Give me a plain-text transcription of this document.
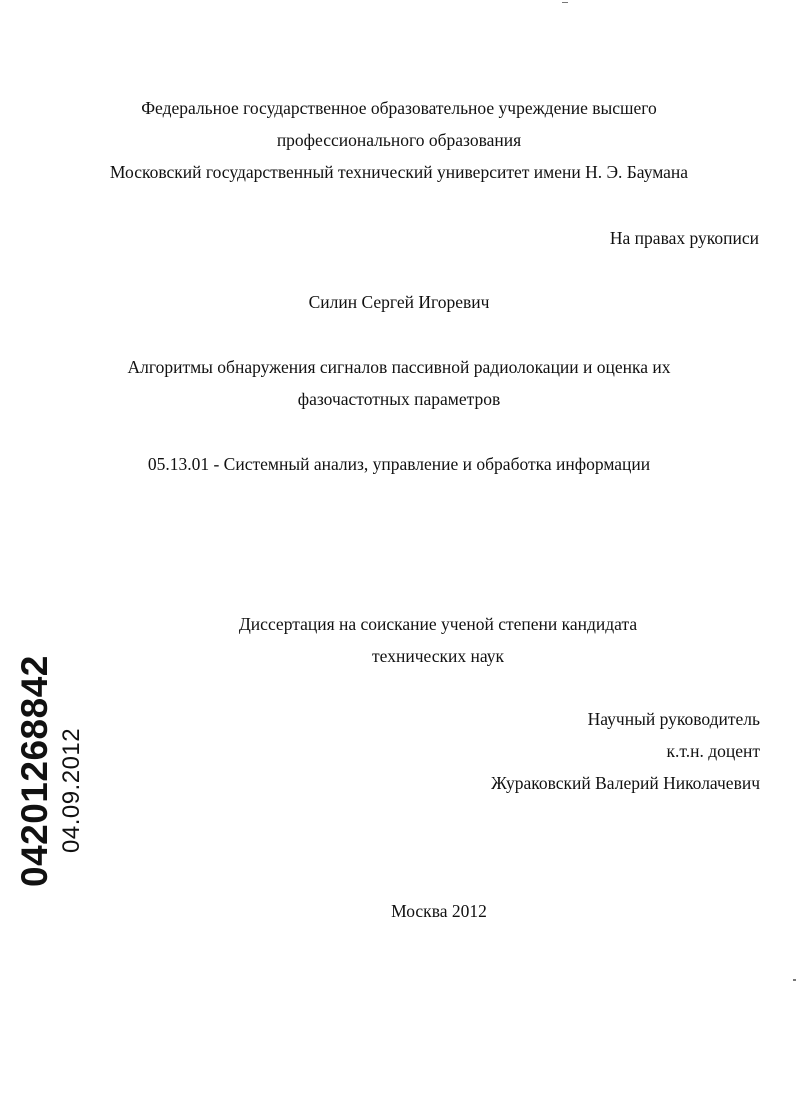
Федеральное государственное образовательное учреждение высшего
профессионального образования
Московский государственный технический университет имени Н. Э. Баумана
На правах рукописи
Силин Сергей Игоревич
Алгоритмы обнаружения сигналов пассивной радиолокации и оценка их
фазочастотных параметров
05.13.01 - Системный анализ, управление и обработка информации
Диссертация на соискание ученой степени кандидата
технических наук
Научный руководитель
к.т.н. доцент
Жураковский Валерий Николачевич
Москва 2012
04201268842 04.09.2012
